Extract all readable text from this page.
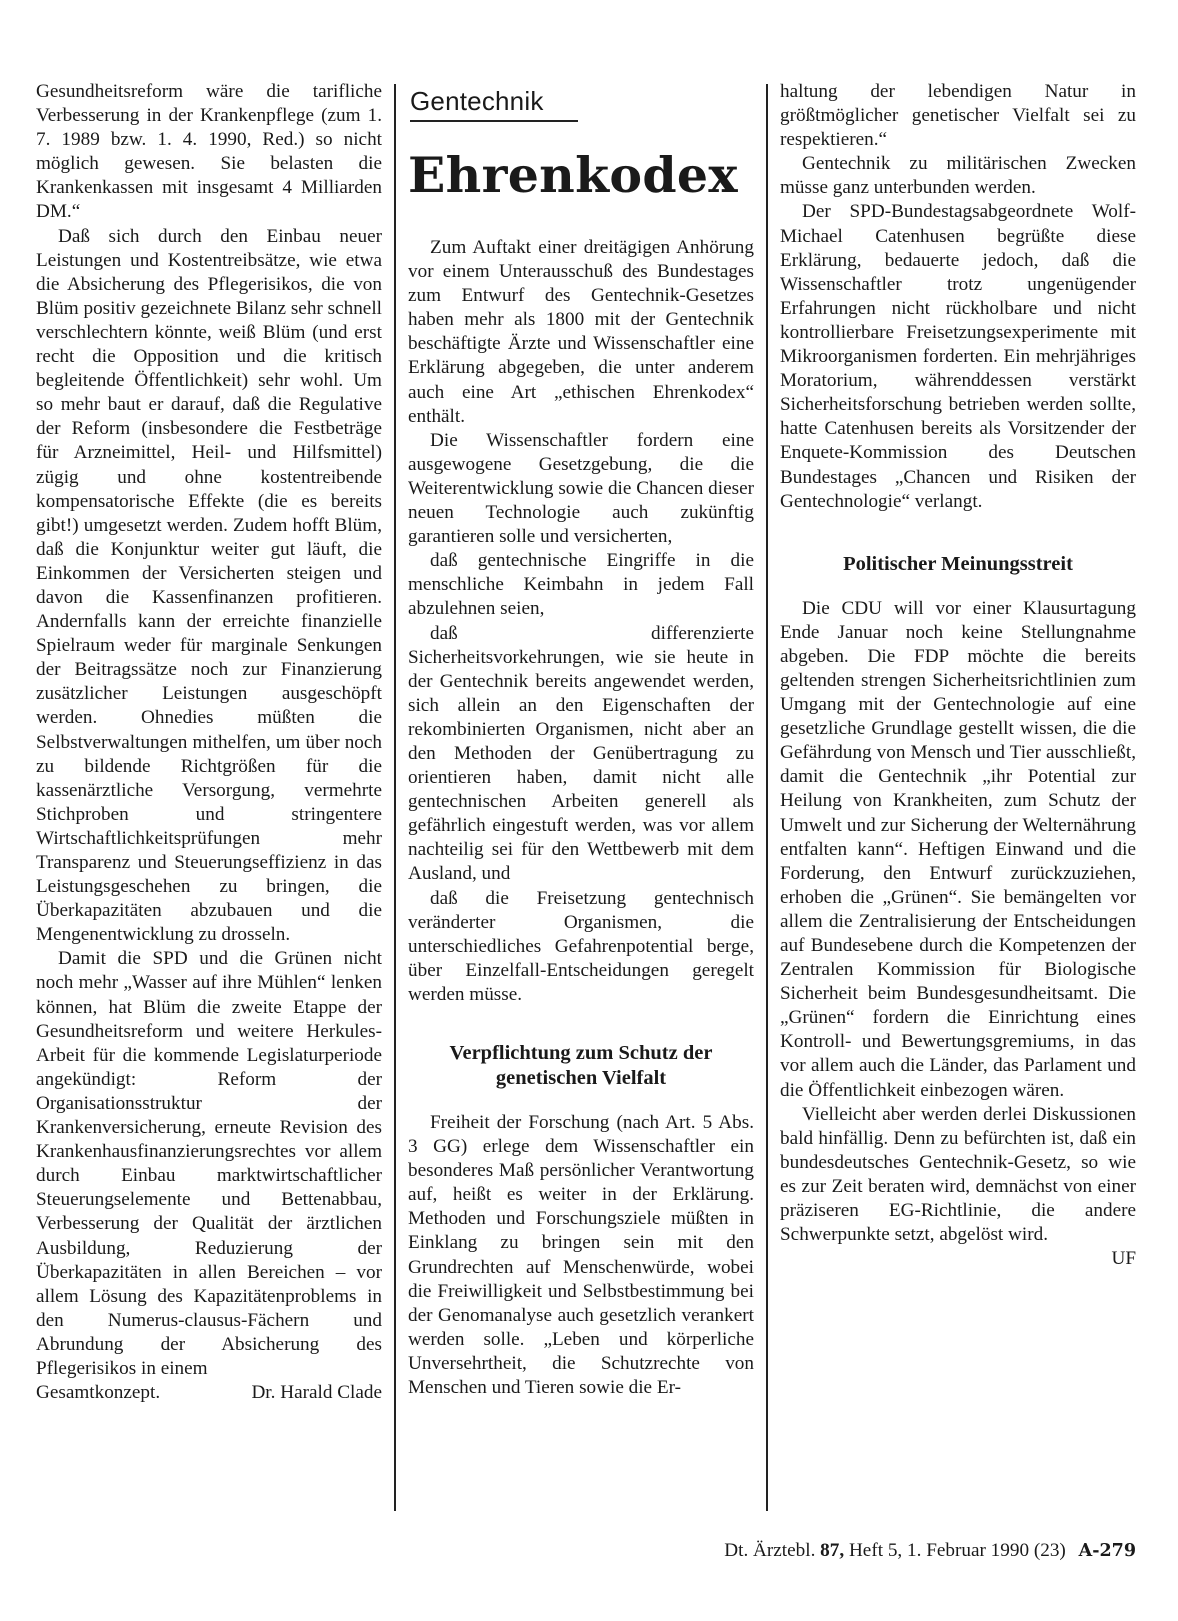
Gesundheitsreform wäre die tarifliche Verbesserung in der Krankenpflege (zum 1. 7. 1989 bzw. 1. 4. 1990, Red.) so nicht möglich gewesen. Sie belasten die Krankenkassen mit insgesamt 4 Milliarden DM.“

Daß sich durch den Einbau neuer Leistungen und Kostentreibsätze, wie etwa die Absicherung des Pflegerisikos, die von Blüm positiv gezeichnete Bilanz sehr schnell verschlechtern könnte, weiß Blüm (und erst recht die Opposition und die kritisch begleitende Öffentlichkeit) sehr wohl. Um so mehr baut er darauf, daß die Regulative der Reform (insbesondere die Festbeträge für Arzneimittel, Heil- und Hilfsmittel) zügig und ohne kostentreibende kompensatorische Effekte (die es bereits gibt!) umgesetzt werden. Zudem hofft Blüm, daß die Konjunktur weiter gut läuft, die Einkommen der Versicherten steigen und davon die Kassenfinanzen profitieren. Andernfalls kann der erreichte finanzielle Spielraum weder für marginale Senkungen der Beitragssätze noch zur Finanzierung zusätzlicher Leistungen ausgeschöpft werden. Ohnedies müßten die Selbstverwaltungen mithelfen, um über noch zu bildende Richtgrößen für die kassenärztliche Versorgung, vermehrte Stichproben und stringentere Wirtschaftlichkeitsprüfungen mehr Transparenz und Steuerungseffizienz in das Leistungsgeschehen zu bringen, die Überkapazitäten abzubauen und die Mengenentwicklung zu drosseln.

Damit die SPD und die Grünen nicht noch mehr „Wasser auf ihre Mühlen“ lenken können, hat Blüm die zweite Etappe der Gesundheitsreform und weitere Herkules-Arbeit für die kommende Legislaturperiode angekündigt: Reform der Organisationsstruktur der Krankenversicherung, erneute Revision des Krankenhausfinanzierungsrechtes vor allem durch Einbau marktwirtschaftlicher Steuerungselemente und Bettenabbau, Verbesserung der Qualität der ärztlichen Ausbildung, Reduzierung der Überkapazitäten in allen Bereichen – vor allem Lösung des Kapazitätenproblems in den Numerus-clausus-Fächern und Abrundung der Absicherung des Pflegerisikos in einem

Gesamtkonzept.	Dr. Harald Clade

Gentechnik
Ehrenkodex

Zum Auftakt einer dreitägigen Anhörung vor einem Unterausschuß des Bundestages zum Entwurf des Gentechnik-Gesetzes haben mehr als 1800 mit der Gentechnik beschäftigte Ärzte und Wissenschaftler eine Erklärung abgegeben, die unter anderem auch eine Art „ethischen Ehrenkodex“ enthält.

Die Wissenschaftler fordern eine ausgewogene Gesetzgebung, die die Weiterentwicklung sowie die Chancen dieser neuen Technologie auch zukünftig garantieren solle und versicherten,

daß gentechnische Eingriffe in die menschliche Keimbahn in jedem Fall abzulehnen seien,

daß differenzierte Sicherheitsvorkehrungen, wie sie heute in der Gentechnik bereits angewendet werden, sich allein an den Eigenschaften der rekombinierten Organismen, nicht aber an den Methoden der Genübertragung zu orientieren haben, damit nicht alle gentechnischen Arbeiten generell als gefährlich eingestuft werden, was vor allem nachteilig sei für den Wettbewerb mit dem Ausland, und

daß die Freisetzung gentechnisch veränderter Organismen, die unterschiedliches Gefahrenpotential berge, über Einzelfall-Entscheidungen geregelt werden müsse.

Verpflichtung zum Schutz der genetischen Vielfalt

Freiheit der Forschung (nach Art. 5 Abs. 3 GG) erlege dem Wissenschaftler ein besonderes Maß persönlicher Verantwortung auf, heißt es weiter in der Erklärung. Methoden und Forschungsziele müßten in Einklang zu bringen sein mit den Grundrechten auf Menschenwürde, wobei die Freiwilligkeit und Selbstbestimmung bei der Genomanalyse auch gesetzlich verankert werden solle. „Leben und körperliche Unversehrtheit, die Schutzrechte von Menschen und Tieren sowie die Er-

haltung der lebendigen Natur in größtmöglicher genetischer Vielfalt sei zu respektieren.“

Gentechnik zu militärischen Zwecken müsse ganz unterbunden werden.

Der SPD-Bundestagsabgeordnete Wolf-Michael Catenhusen begrüßte diese Erklärung, bedauerte jedoch, daß die Wissenschaftler trotz ungenügender Erfahrungen nicht rückholbare und nicht kontrollierbare Freisetzungsexperimente mit Mikroorganismen forderten. Ein mehrjähriges Moratorium, währenddessen verstärkt Sicherheitsforschung betrieben werden sollte, hatte Catenhusen bereits als Vorsitzender der Enquete-Kommission des Deutschen Bundestages „Chancen und Risiken der Gentechnologie“ verlangt.

Politischer Meinungsstreit

Die CDU will vor einer Klausurtagung Ende Januar noch keine Stellungnahme abgeben. Die FDP möchte die bereits geltenden strengen Sicherheitsrichtlinien zum Umgang mit der Gentechnologie auf eine gesetzliche Grundlage gestellt wissen, die die Gefährdung von Mensch und Tier ausschließt, damit die Gentechnik „ihr Potential zur Heilung von Krankheiten, zum Schutz der Umwelt und zur Sicherung der Welternährung entfalten kann“. Heftigen Einwand und die Forderung, den Entwurf zurückzuziehen, erhoben die „Grünen“. Sie bemängelten vor allem die Zentralisierung der Entscheidungen auf Bundesebene durch die Kompetenzen der Zentralen Kommission für Biologische Sicherheit beim Bundesgesundheitsamt. Die „Grünen“ fordern die Einrichtung eines Kontroll- und Bewertungsgremiums, in das vor allem auch die Länder, das Parlament und die Öffentlichkeit einbezogen wären.

Vielleicht aber werden derlei Diskussionen bald hinfällig. Denn zu befürchten ist, daß ein bundesdeutsches Gentechnik-Gesetz, so wie es zur Zeit beraten wird, demnächst von einer präziseren EG-Richtlinie, die andere Schwerpunkte setzt, abgelöst wird.

UF

Dt. Ärztebl. 87, Heft 5, 1. Februar 1990 (23) A-279
